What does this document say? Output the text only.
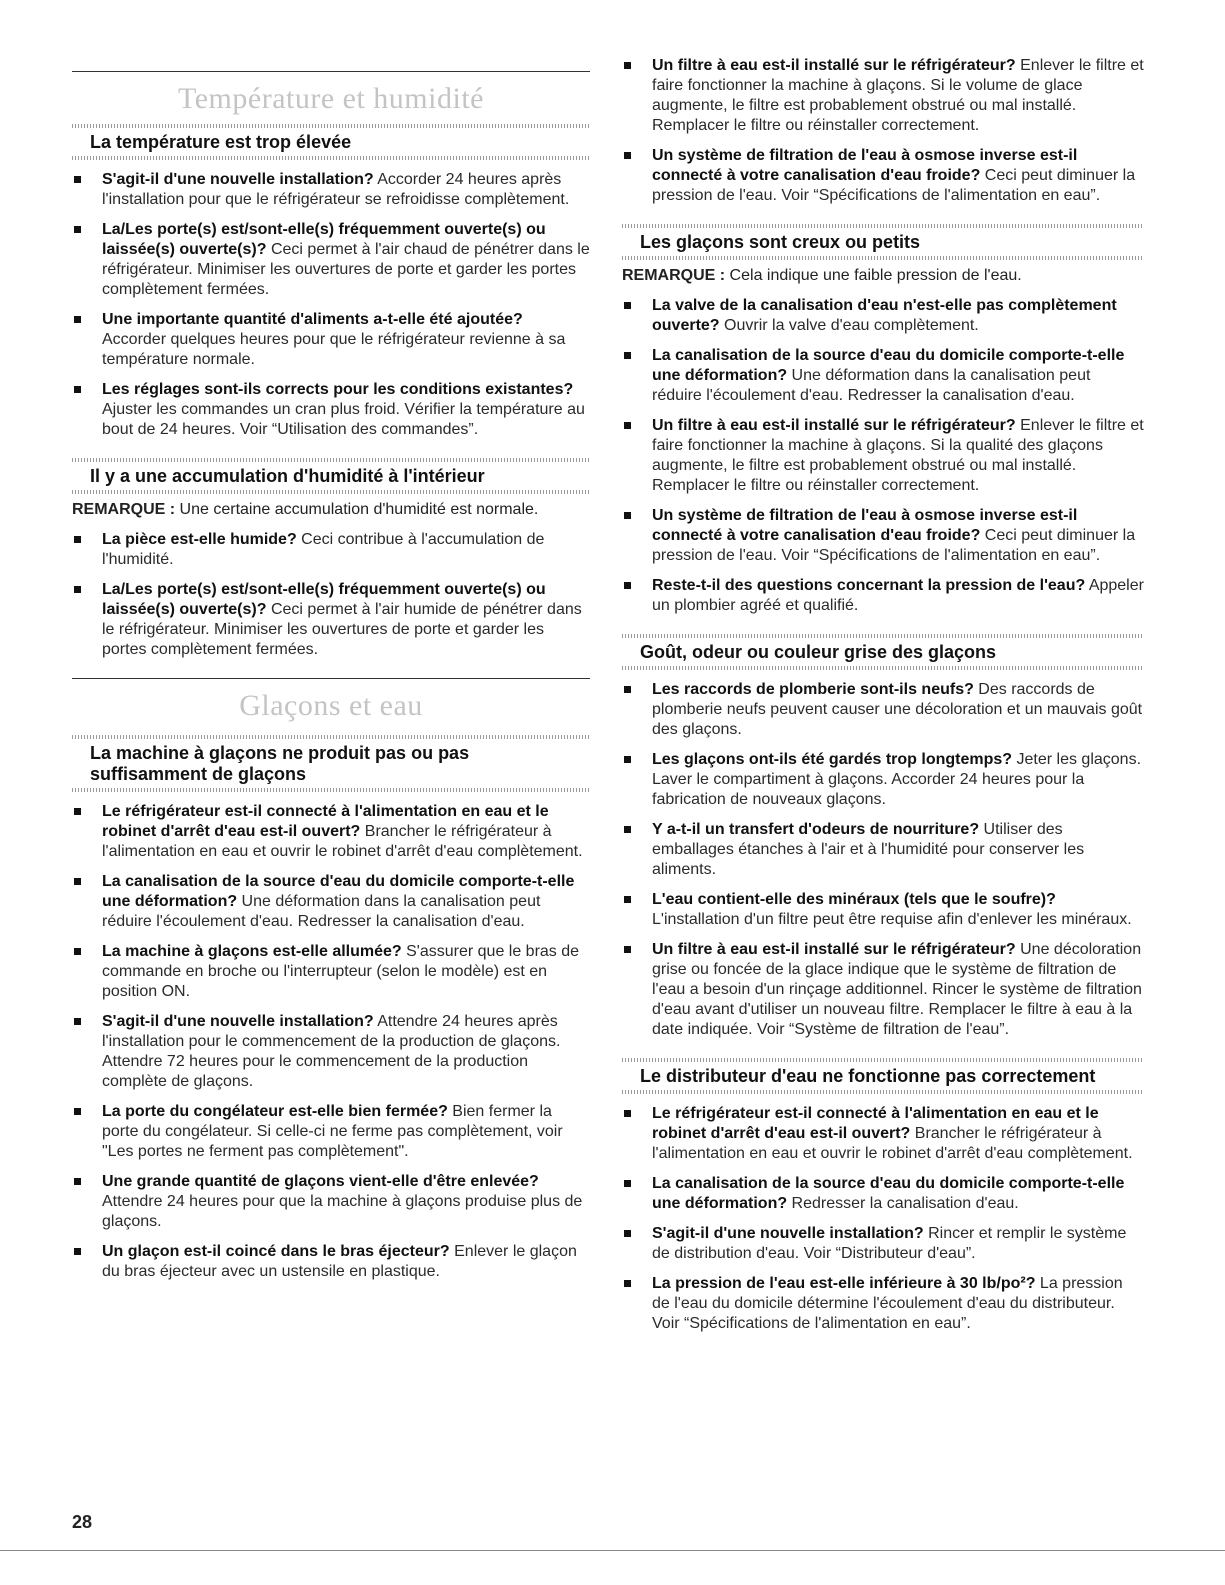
Température et humidité
La température est trop élevée
S'agit-il d'une nouvelle installation? Accorder 24 heures après l'installation pour que le réfrigérateur se refroidisse complètement.
La/Les porte(s) est/sont-elle(s) fréquemment ouverte(s) ou laissée(s) ouverte(s)? Ceci permet à l'air chaud de pénétrer dans le réfrigérateur. Minimiser les ouvertures de porte et garder les portes complètement fermées.
Une importante quantité d'aliments a-t-elle été ajoutée? Accorder quelques heures pour que le réfrigérateur revienne à sa température normale.
Les réglages sont-ils corrects pour les conditions existantes? Ajuster les commandes un cran plus froid. Vérifier la température au bout de 24 heures. Voir “Utilisation des commandes”.
Il y a une accumulation d'humidité à l'intérieur
REMARQUE : Une certaine accumulation d'humidité est normale.
La pièce est-elle humide? Ceci contribue à l'accumulation de l'humidité.
La/Les porte(s) est/sont-elle(s) fréquemment ouverte(s) ou laissée(s) ouverte(s)? Ceci permet à l'air humide de pénétrer dans le réfrigérateur. Minimiser les ouvertures de porte et garder les portes complètement fermées.
Glaçons et eau
La machine à glaçons ne produit pas ou pas suffisamment de glaçons
Le réfrigérateur est-il connecté à l'alimentation en eau et le robinet d'arrêt d'eau est-il ouvert? Brancher le réfrigérateur à l'alimentation en eau et ouvrir le robinet d'arrêt d'eau complètement.
La canalisation de la source d'eau du domicile comporte-t-elle une déformation? Une déformation dans la canalisation peut réduire l'écoulement d'eau. Redresser la canalisation d'eau.
La machine à glaçons est-elle allumée? S'assurer que le bras de commande en broche ou l'interrupteur (selon le modèle) est en position ON.
S'agit-il d'une nouvelle installation? Attendre 24 heures après l'installation pour le commencement de la production de glaçons. Attendre 72 heures pour le commencement de la production complète de glaçons.
La porte du congélateur est-elle bien fermée? Bien fermer la porte du congélateur. Si celle-ci ne ferme pas complètement, voir "Les portes ne ferment pas complètement".
Une grande quantité de glaçons vient-elle d'être enlevée? Attendre 24 heures pour que la machine à glaçons produise plus de glaçons.
Un glaçon est-il coincé dans le bras éjecteur? Enlever le glaçon du bras éjecteur avec un ustensile en plastique.
Un filtre à eau est-il installé sur le réfrigérateur? Enlever le filtre et faire fonctionner la machine à glaçons. Si le volume de glace augmente, le filtre est probablement obstrué ou mal installé. Remplacer le filtre ou réinstaller correctement.
Un système de filtration de l'eau à osmose inverse est-il connecté à votre canalisation d'eau froide? Ceci peut diminuer la pression de l'eau. Voir “Spécifications de l'alimentation en eau”.
Les glaçons sont creux ou petits
REMARQUE : Cela indique une faible pression de l'eau.
La valve de la canalisation d'eau n'est-elle pas complètement ouverte? Ouvrir la valve d'eau complètement.
La canalisation de la source d'eau du domicile comporte-t-elle une déformation? Une déformation dans la canalisation peut réduire l'écoulement d'eau. Redresser la canalisation d'eau.
Un filtre à eau est-il installé sur le réfrigérateur? Enlever le filtre et faire fonctionner la machine à glaçons. Si la qualité des glaçons augmente, le filtre est probablement obstrué ou mal installé. Remplacer le filtre ou réinstaller correctement.
Un système de filtration de l'eau à osmose inverse est-il connecté à votre canalisation d'eau froide? Ceci peut diminuer la pression de l'eau. Voir “Spécifications de l'alimentation en eau”.
Reste-t-il des questions concernant la pression de l'eau? Appeler un plombier agréé et qualifié.
Goût, odeur ou couleur grise des glaçons
Les raccords de plomberie sont-ils neufs? Des raccords de plomberie neufs peuvent causer une décoloration et un mauvais goût des glaçons.
Les glaçons ont-ils été gardés trop longtemps? Jeter les glaçons. Laver le compartiment à glaçons. Accorder 24 heures pour la fabrication de nouveaux glaçons.
Y a-t-il un transfert d'odeurs de nourriture? Utiliser des emballages étanches à l'air et à l'humidité pour conserver les aliments.
L'eau contient-elle des minéraux (tels que le soufre)? L'installation d'un filtre peut être requise afin d'enlever les minéraux.
Un filtre à eau est-il installé sur le réfrigérateur? Une décoloration grise ou foncée de la glace indique que le système de filtration de l'eau a besoin d'un rinçage additionnel. Rincer le système de filtration d'eau avant d'utiliser un nouveau filtre. Remplacer le filtre à eau à la date indiquée. Voir “Système de filtration de l'eau”.
Le distributeur d'eau ne fonctionne pas correctement
Le réfrigérateur est-il connecté à l'alimentation en eau et le robinet d'arrêt d'eau est-il ouvert? Brancher le réfrigérateur à l'alimentation en eau et ouvrir le robinet d'arrêt d'eau complètement.
La canalisation de la source d'eau du domicile comporte-t-elle une déformation? Redresser la canalisation d'eau.
S'agit-il d'une nouvelle installation? Rincer et remplir le système de distribution d'eau. Voir “Distributeur d'eau”.
La pression de l'eau est-elle inférieure à 30 lb/po²? La pression de l'eau du domicile détermine l'écoulement d'eau du distributeur. Voir “Spécifications de l'alimentation en eau”.
28
